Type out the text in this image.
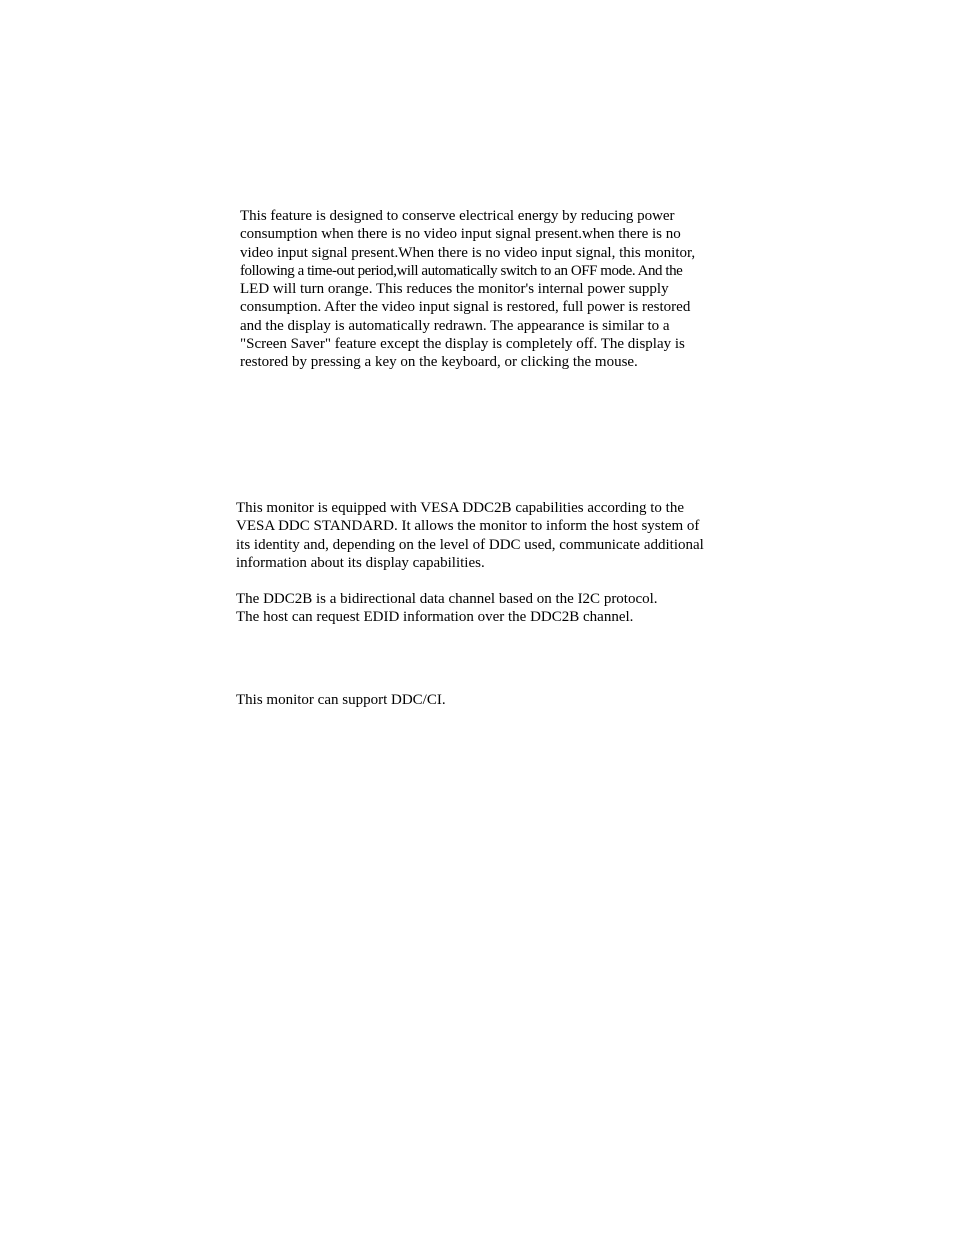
This feature is designed to conserve electrical energy by reducing power
consumption when there is no video input signal present.when there is no
video input signal present.When there is no video input signal, this monitor,
following a time-out period,will automatically switch to an OFF mode. And the
LED will turn orange. This reduces the monitor's internal power supply
consumption. After the video input signal is restored, full power is restored
and the display is automatically redrawn. The appearance is similar to a
"Screen Saver" feature except the display is completely off. The display is
restored by pressing a key on the keyboard, or clicking the mouse.
This monitor is equipped with VESA DDC2B capabilities according to the
VESA DDC STANDARD. It allows the monitor to inform the host system of
its identity and, depending on the level of DDC used, communicate additional
information about its display capabilities.
The DDC2B is a bidirectional data channel based on the I2C protocol.
The host can request EDID information over the DDC2B channel.
This monitor can support DDC/CI.
